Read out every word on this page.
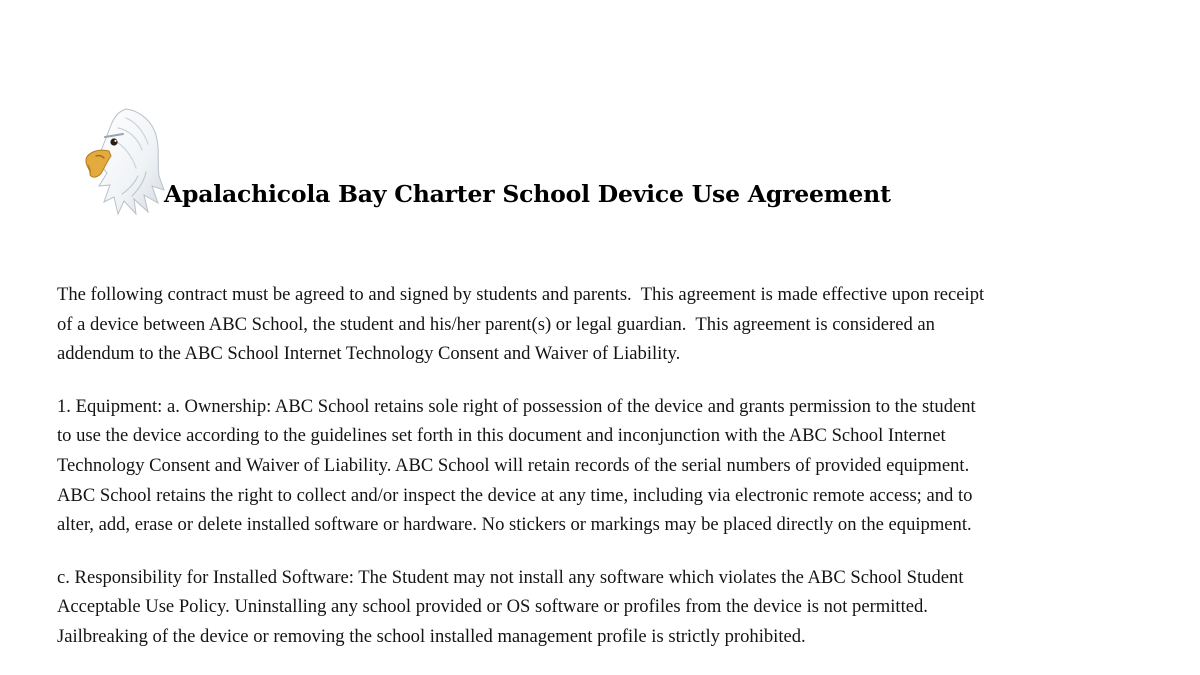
Apalachicola Bay Charter School Device Use Agreement
The following contract must be agreed to and signed by students and parents.  This agreement is made effective upon receipt
of a device between ABC School, the student and his/her parent(s) or legal guardian.  This agreement is considered an
addendum to the ABC School Internet Technology Consent and Waiver of Liability.
1. Equipment: a. Ownership: ABC School retains sole right of possession of the device and grants permission to the student
to use the device according to the guidelines set forth in this document and inconjunction with the ABC School Internet
Technology Consent and Waiver of Liability. ABC School will retain records of the serial numbers of provided equipment.
ABC School retains the right to collect and/or inspect the device at any time, including via electronic remote access; and to
alter, add, erase or delete installed software or hardware. No stickers or markings may be placed directly on the equipment.
c. Responsibility for Installed Software: The Student may not install any software which violates the ABC School Student
Acceptable Use Policy. Uninstalling any school provided or OS software or profiles from the device is not permitted.
Jailbreaking of the device or removing the school installed management profile is strictly prohibited.
